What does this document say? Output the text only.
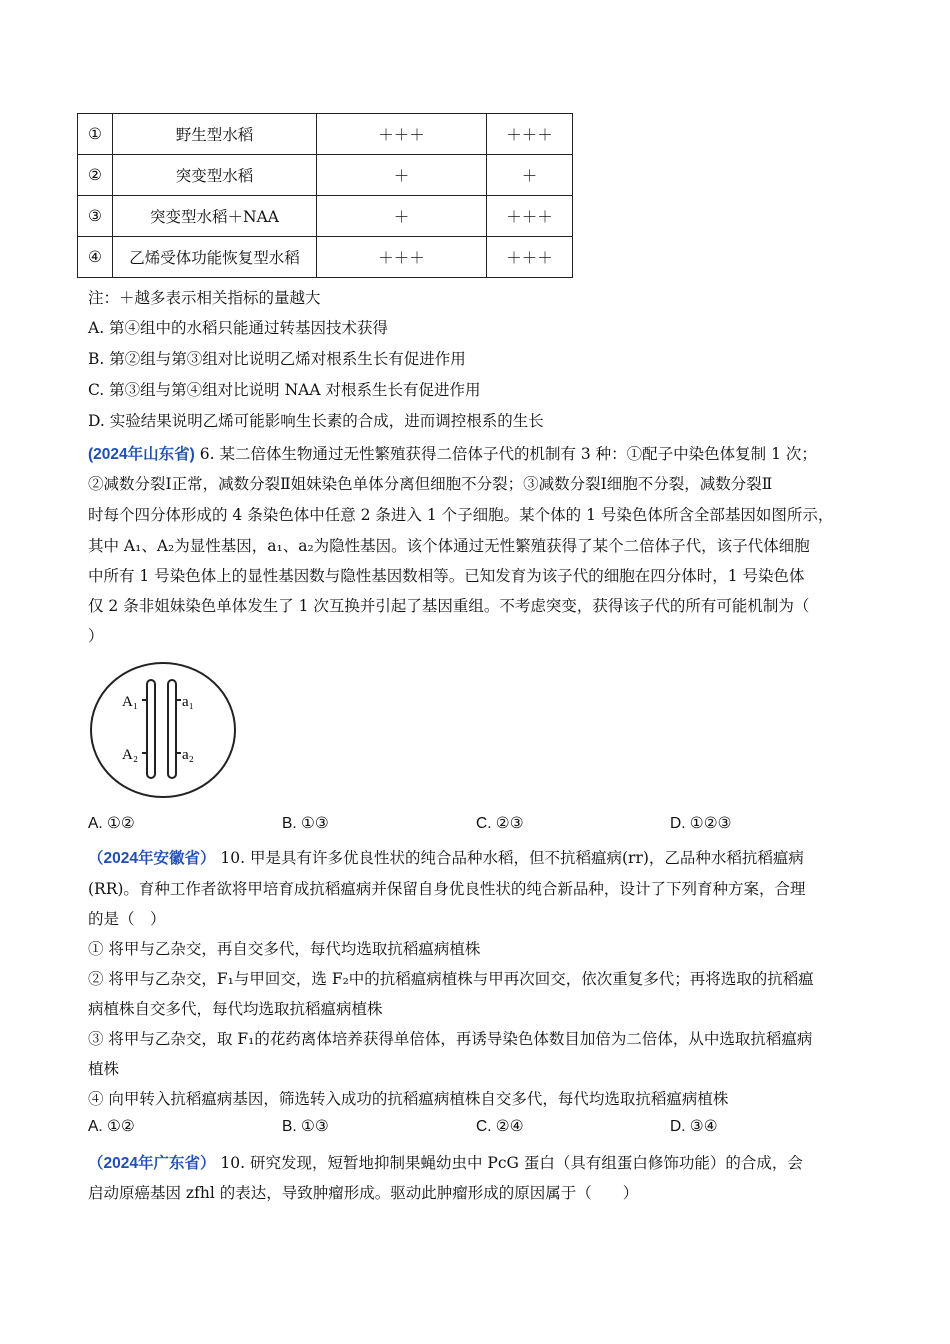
①	野生型水稻	＋＋＋	＋＋＋
②	突变型水稻	＋	＋
③	突变型水稻＋NAA	＋	＋＋＋
④	乙烯受体功能恢复型水稻	＋＋＋	＋＋＋
注：＋越多表示相关指标的量越大
A. 第④组中的水稻只能通过转基因技术获得
B. 第②组与第③组对比说明乙烯对根系生长有促进作用
C. 第③组与第④组对比说明 NAA 对根系生长有促进作用
D. 实验结果说明乙烯可能影响生长素的合成，进而调控根系的生长
(2024年山东省) 6. 某二倍体生物通过无性繁殖获得二倍体子代的机制有 3 种：①配子中染色体复制 1 次；
②减数分裂Ⅰ正常，减数分裂Ⅱ姐妹染色单体分离但细胞不分裂；③减数分裂Ⅰ细胞不分裂，减数分裂Ⅱ
时每个四分体形成的 4 条染色体中任意 2 条进入 1 个子细胞。某个体的 1 号染色体所含全部基因如图所示，
其中 A₁、A₂为显性基因，a₁、a₂为隐性基因。该个体通过无性繁殖获得了某个二倍体子代，该子代体细胞
中所有 1 号染色体上的显性基因数与隐性基因数相等。已知发育为该子代的细胞在四分体时，1 号染色体
仅 2 条非姐妹染色单体发生了 1 次互换并引起了基因重组。不考虑突变，获得该子代的所有可能机制为（
）
A₁
A₂
a₁
a₂
A. ①②	B. ①③	C. ②③	D. ①②③
（2024年安徽省） 10. 甲是具有许多优良性状的纯合品种水稻，但不抗稻瘟病(rr)，乙品种水稻抗稻瘟病
(RR)。育种工作者欲将甲培育成抗稻瘟病并保留自身优良性状的纯合新品种，设计了下列育种方案，合理
的是（　）
① 将甲与乙杂交，再自交多代，每代均选取抗稻瘟病植株
② 将甲与乙杂交，F₁与甲回交，选 F₂中的抗稻瘟病植株与甲再次回交，依次重复多代；再将选取的抗稻瘟
病植株自交多代，每代均选取抗稻瘟病植株
③ 将甲与乙杂交，取 F₁的花药离体培养获得单倍体，再诱导染色体数目加倍为二倍体，从中选取抗稻瘟病
植株
④ 向甲转入抗稻瘟病基因，筛选转入成功的抗稻瘟病植株自交多代，每代均选取抗稻瘟病植株
A. ①②	B. ①③	C. ②④	D. ③④
（2024年广东省） 10. 研究发现，短暂地抑制果蝇幼虫中 PcG 蛋白（具有组蛋白修饰功能）的合成，会
启动原癌基因 zfhl 的表达，导致肿瘤形成。驱动此肿瘤形成的原因属于（　　）
